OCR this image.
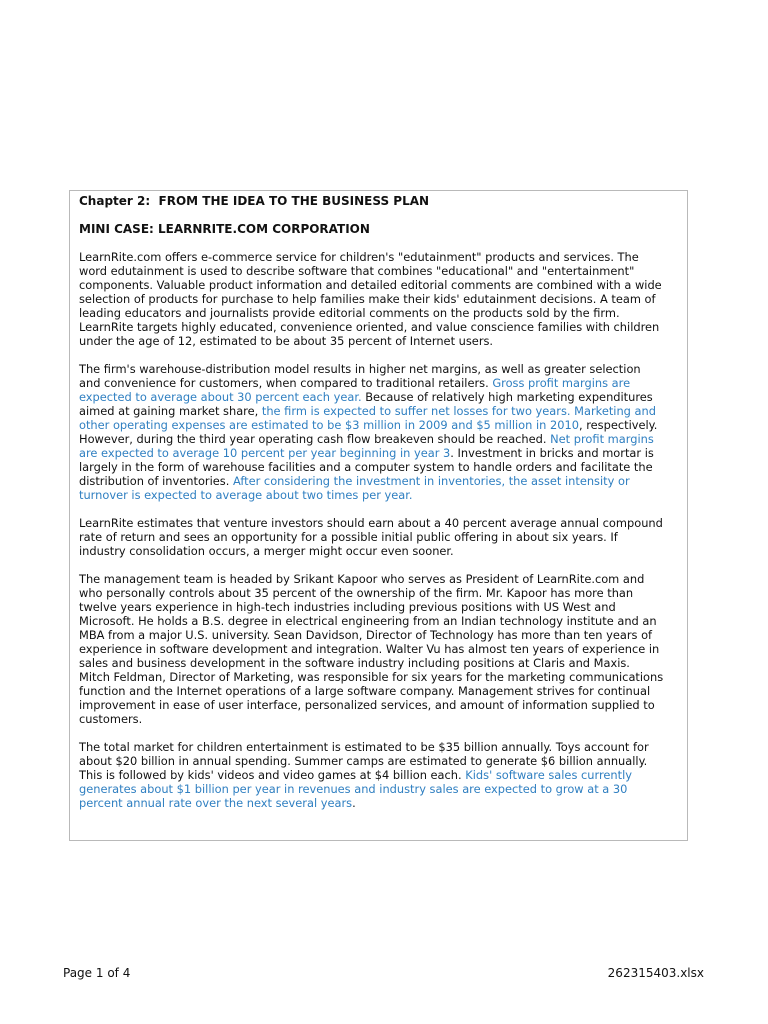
Chapter 2:  FROM THE IDEA TO THE BUSINESS PLAN

MINI CASE: LEARNRITE.COM CORPORATION

LearnRite.com offers e-commerce service for children's "edutainment" products and services. The
word edutainment is used to describe software that combines "educational" and "entertainment"
components. Valuable product information and detailed editorial comments are combined with a wide
selection of products for purchase to help families make their kids' edutainment decisions. A team of
leading educators and journalists provide editorial comments on the products sold by the firm.
LearnRite targets highly educated, convenience oriented, and value conscience families with children
under the age of 12, estimated to be about 35 percent of Internet users.
The firm's warehouse-distribution model results in higher net margins, as well as greater selection
and convenience for customers, when compared to traditional retailers. Gross profit margins are
expected to average about 30 percent each year. Because of relatively high marketing expenditures
aimed at gaining market share, the firm is expected to suffer net losses for two years. Marketing and
other operating expenses are estimated to be $3 million in 2009 and $5 million in 2010, respectively.
However, during the third year operating cash flow breakeven should be reached. Net profit margins
are expected to average 10 percent per year beginning in year 3. Investment in bricks and mortar is
largely in the form of warehouse facilities and a computer system to handle orders and facilitate the
distribution of inventories. After considering the investment in inventories, the asset intensity or
turnover is expected to average about two times per year.
LearnRite estimates that venture investors should earn about a 40 percent average annual compound
rate of return and sees an opportunity for a possible initial public offering in about six years. If
industry consolidation occurs, a merger might occur even sooner.
The management team is headed by Srikant Kapoor who serves as President of LearnRite.com and
who personally controls about 35 percent of the ownership of the firm. Mr. Kapoor has more than
twelve years experience in high-tech industries including previous positions with US West and
Microsoft. He holds a B.S. degree in electrical engineering from an Indian technology institute and an
MBA from a major U.S. university. Sean Davidson, Director of Technology has more than ten years of
experience in software development and integration. Walter Vu has almost ten years of experience in
sales and business development in the software industry including positions at Claris and Maxis.
Mitch Feldman, Director of Marketing, was responsible for six years for the marketing communications
function and the Internet operations of a large software company. Management strives for continual
improvement in ease of user interface, personalized services, and amount of information supplied to
customers.
The total market for children entertainment is estimated to be $35 billion annually. Toys account for
about $20 billion in annual spending. Summer camps are estimated to generate $6 billion annually.
This is followed by kids' videos and video games at $4 billion each. Kids' software sales currently
generates about $1 billion per year in revenues and industry sales are expected to grow at a 30
percent annual rate over the next several years.
Page 1 of 4	262315403.xlsx
